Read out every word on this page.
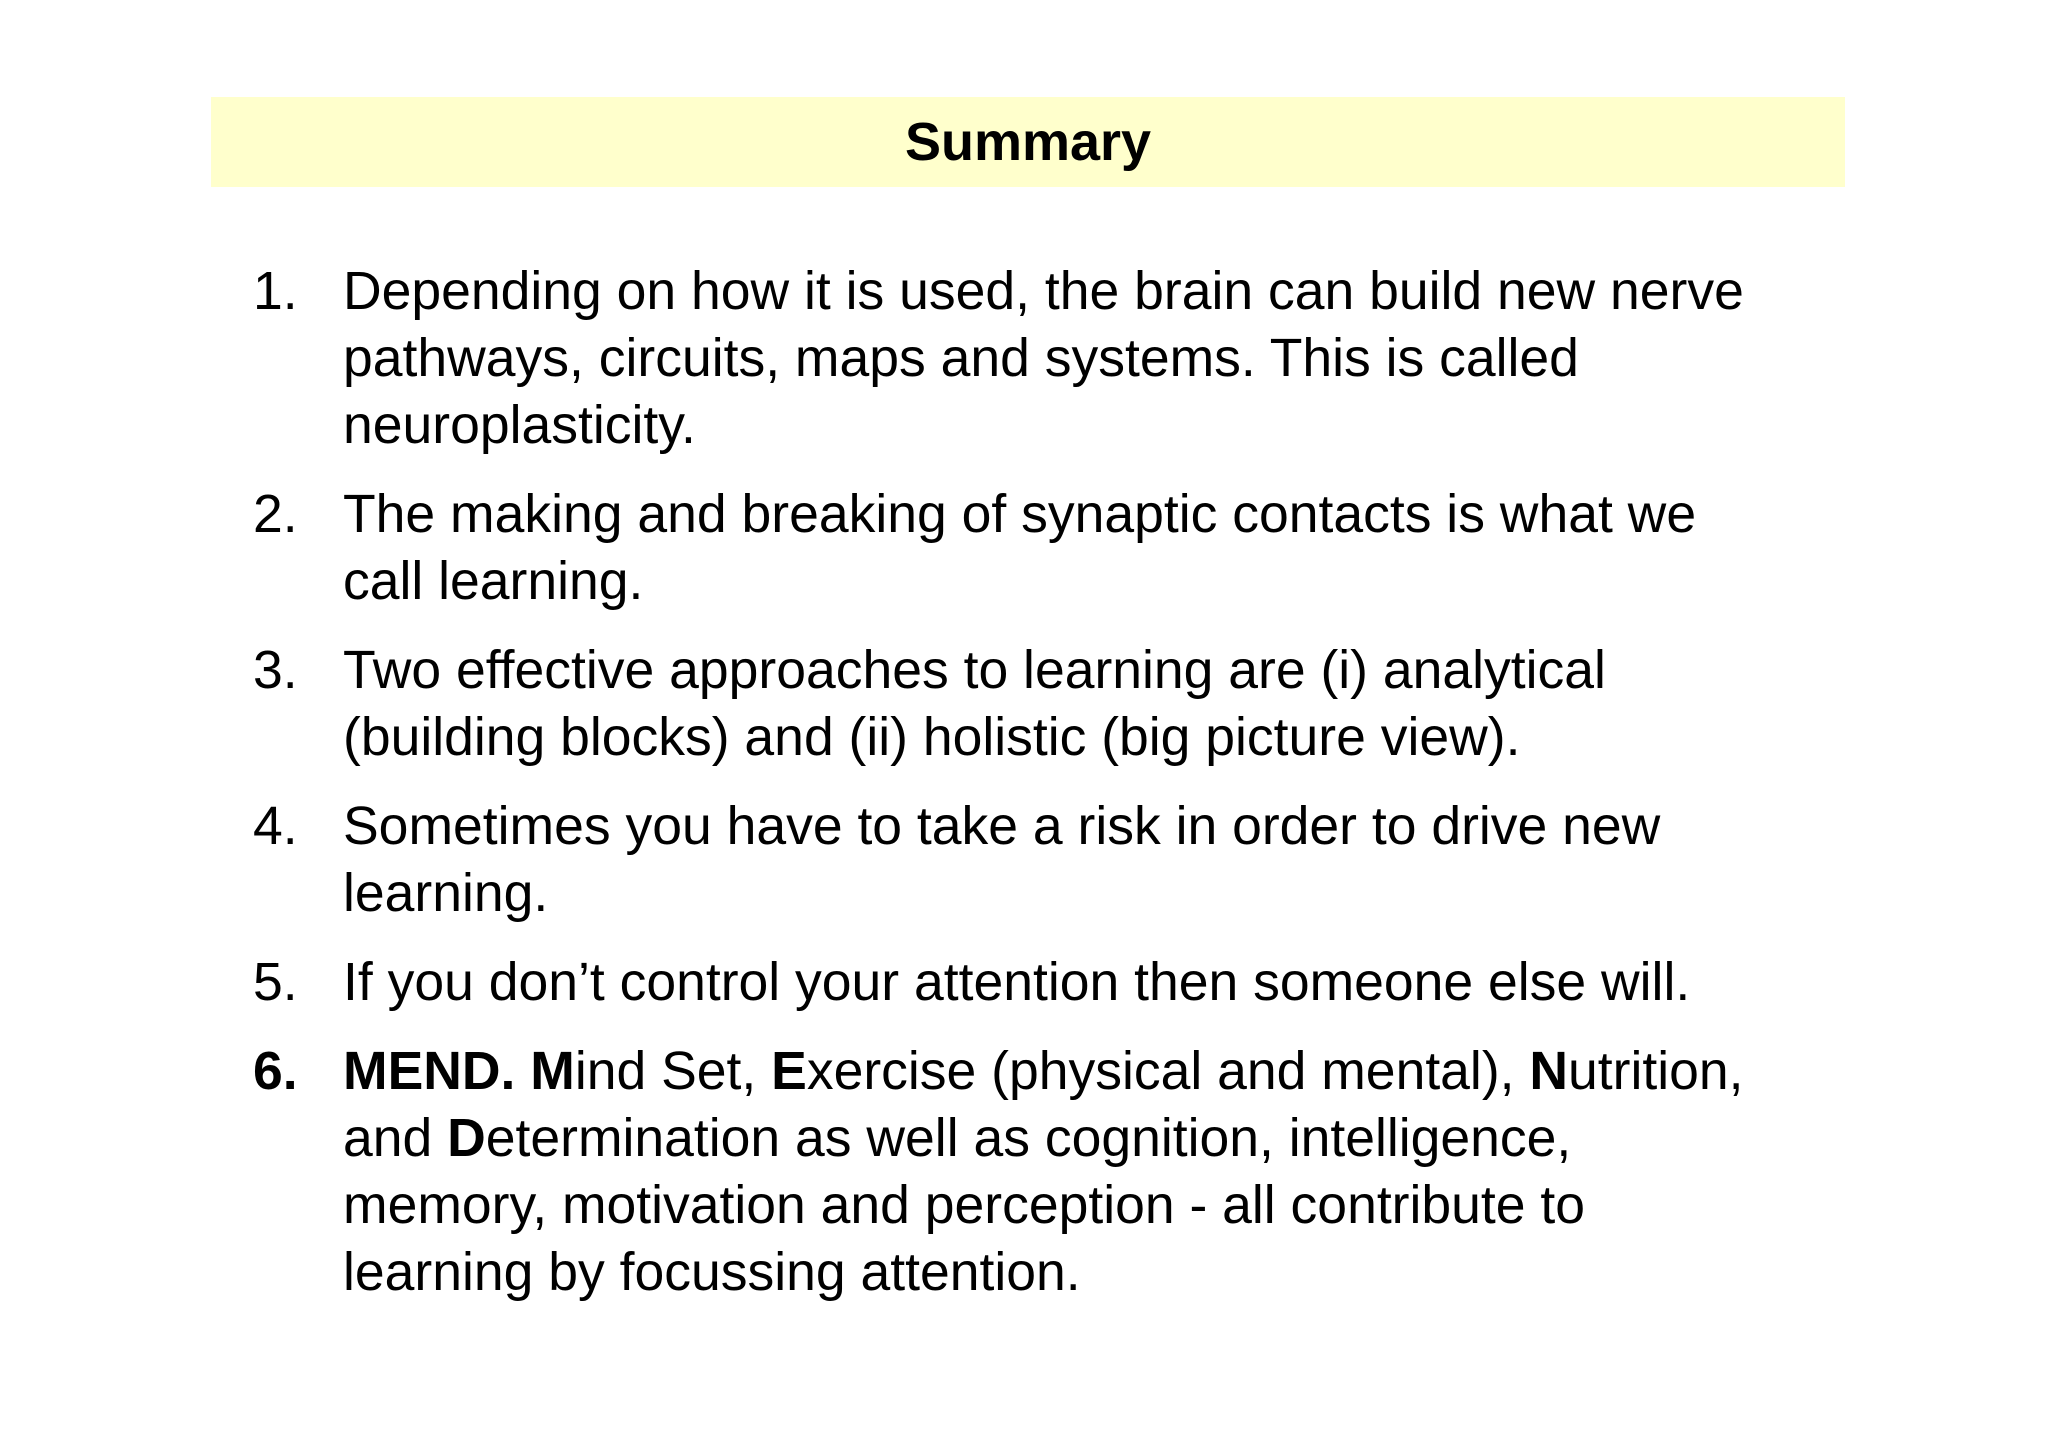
Summary
1. Depending on how it is used, the brain can build new nerve
pathways, circuits, maps and systems. This is called
neuroplasticity.
2. The making and breaking of synaptic contacts is what we
call learning.
3. Two effective approaches to learning are (i) analytical
(building blocks) and (ii) holistic (big picture view).
4. Sometimes you have to take a risk in order to drive new
learning.
5. If you don’t control your attention then someone else will.
6. MEND. Mind Set, Exercise (physical and mental), Nutrition,
and Determination as well as cognition, intelligence,
memory, motivation and perception - all contribute to
learning by focussing attention.
